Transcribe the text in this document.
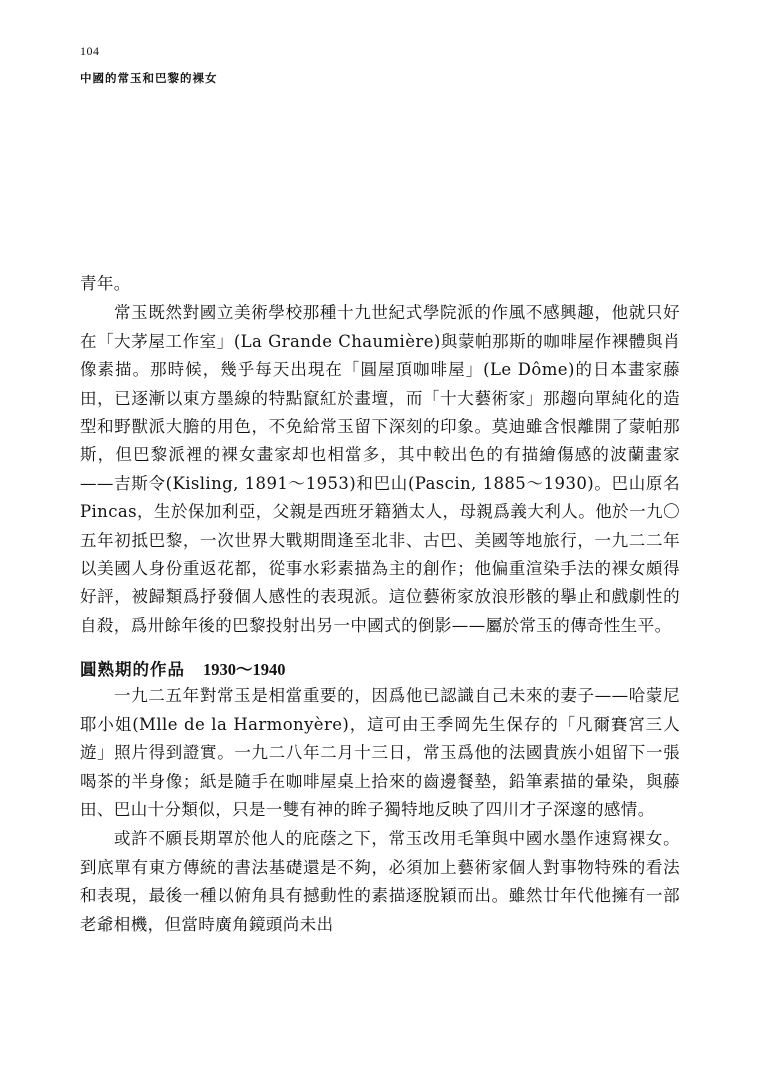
104
中國的常玉和巴黎的裸女

青年。

常玉既然對國立美術學校那種十九世紀式學院派的作風不感興趣，他就只好在「大茅屋工作室」(La Grande Chaumière)與蒙帕那斯的咖啡屋作裸體與肖像素描。那時候，幾乎每天出現在「圓屋頂咖啡屋」(Le Dôme)的日本畫家藤田，已逐漸以東方墨線的特點竄紅於畫壇，而「十大藝術家」那趨向單純化的造型和野獸派大膽的用色，不免給常玉留下深刻的印象。莫迪雖含恨離開了蒙帕那斯，但巴黎派裡的裸女畫家却也相當多，其中較出色的有描繪傷感的波蘭畫家——吉斯令(Kisling, 1891～1953)和巴山(Pascin, 1885～1930)。巴山原名 Pincas，生於保加利亞，父親是西班牙籍猶太人，母親爲義大利人。他於一九〇五年初抵巴黎，一次世界大戰期間逢至北非、古巴、美國等地旅行，一九二二年以美國人身份重返花都，從事水彩素描為主的創作；他偏重渲染手法的裸女頗得好評，被歸類爲抒發個人感性的表現派。這位藝術家放浪形骸的擧止和戲劇性的自殺，爲卅餘年後的巴黎投射出另一中國式的倒影——屬於常玉的傳奇性生平。

圓熟期的作品 1930～1940

一九二五年對常玉是相當重要的，因爲他已認識自己未來的妻子——哈蒙尼耶小姐(Mlle de la Harmonyère)，這可由王季岡先生保存的「凡爾賽宮三人遊」照片得到證實。一九二八年二月十三日，常玉爲他的法國貴族小姐留下一張喝茶的半身像；紙是隨手在咖啡屋桌上拾來的齒邊餐墊，鉛筆素描的暈染，與藤田、巴山十分類似，只是一雙有神的眸子獨特地反映了四川才子深邃的感情。

或許不願長期罩於他人的庇蔭之下，常玉改用毛筆與中國水墨作速寫裸女。到底單有東方傳統的書法基礎還是不夠，必須加上藝術家個人對事物特殊的看法和表現，最後一種以俯角具有撼動性的素描逐脫穎而出。雖然廿年代他擁有一部老爺相機，但當時廣角鏡頭尚未出
